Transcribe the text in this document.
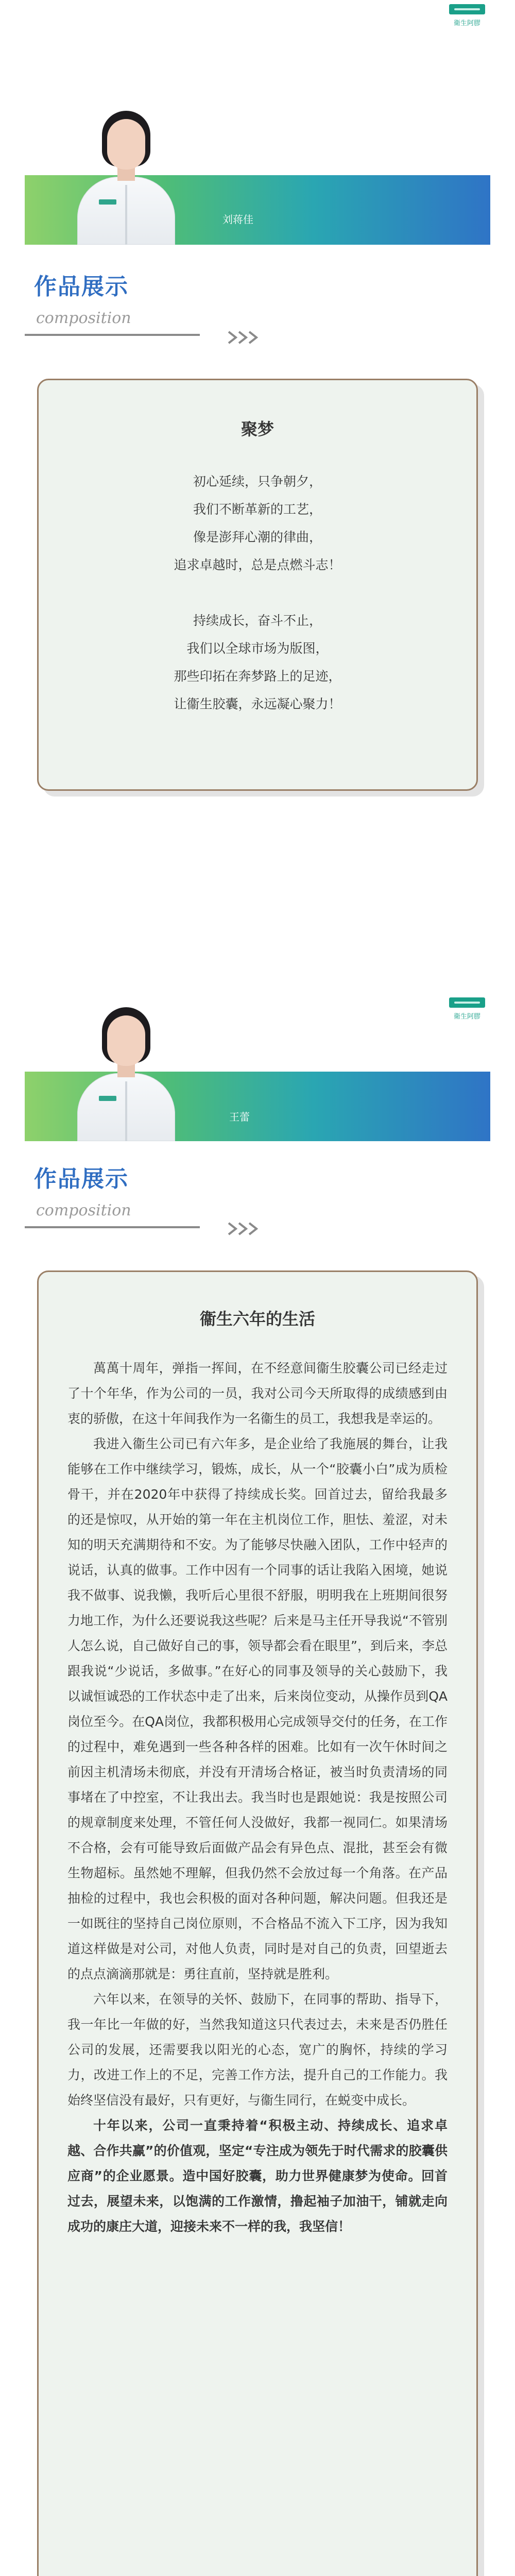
衛生阿膠
刘蒋佳
作品展示
composition
聚梦
初心延续，只争朝夕，
我们不断革新的工艺，
像是澎拜心潮的律曲，
追求卓越时，总是点燃斗志！
持续成长，奋斗不止，
我们以全球市场为版图，
那些印拓在奔梦路上的足迹，
让衞生胶囊，永远凝心聚力！
衛生阿膠
王蕾
作品展示
composition
衞生六年的生活

萬萬十周年，弹指一挥间，在不经意间衞生胶囊公司已经走过了十个年华，作为公司的一员，我对公司今天所取得的成绩感到由衷的骄傲，在这十年间我作为一名衞生的员工，我想我是幸运的。

我进入衞生公司已有六年多，是企业给了我施展的舞台，让我能够在工作中继续学习，锻炼，成长，从一个“胶囊小白”成为质检骨干，并在2020年中获得了持续成长奖。回首过去，留给我最多的还是惊叹，从开始的第一年在主机岗位工作，胆怯、羞涩，对未知的明天充满期待和不安。为了能够尽快融入团队，工作中轻声的说话，认真的做事。工作中因有一个同事的话让我陷入困境，她说我不做事、说我懒，我听后心里很不舒服，明明我在上班期间很努力地工作，为什么还要说我这些呢？后来是马主任开导我说“不管别人怎么说，自己做好自己的事，领导都会看在眼里”，到后来，李总跟我说“少说话，多做事。”在好心的同事及领导的关心鼓励下，我以诚恒诚恐的工作状态中走了出来，后来岗位变动，从操作员到QA岗位至今。在QA岗位，我都积极用心完成领导交付的任务，在工作的过程中，难免遇到一些各种各样的困难。比如有一次午休时间之前因主机清场未彻底，并没有开清场合格证，被当时负责清场的同事堵在了中控室，不让我出去。我当时也是跟她说：我是按照公司的规章制度来处理，不管任何人没做好，我都一视同仁。如果清场不合格，会有可能导致后面做产品会有异色点、混批，甚至会有微生物超标。虽然她不理解，但我仍然不会放过每一个角落。在产品抽检的过程中，我也会积极的面对各种问题，解决问题。但我还是一如既往的坚持自己岗位原则，不合格品不流入下工序，因为我知道这样做是对公司，对他人负责，同时是对自己的负责，回望逝去的点点滴滴那就是：勇往直前，坚持就是胜利。

六年以来，在领导的关怀、鼓励下，在同事的帮助、指导下，我一年比一年做的好，当然我知道这只代表过去，未来是否仍胜任公司的发展，还需要我以阳光的心态，宽广的胸怀，持续的学习力，改进工作上的不足，完善工作方法，提升自己的工作能力。我始终坚信没有最好，只有更好，与衞生同行，在蜕变中成长。

十年以来，公司一直秉持着“积极主动、持续成长、追求卓越、合作共赢”的价值观，坚定“专注成为领先于时代需求的胶囊供应商”的企业愿景。造中国好胶囊，助力世界健康梦为使命。回首过去，展望未来，以饱满的工作激情，撸起袖子加油干，铺就走向成功的康庄大道，迎接未来不一样的我，我坚信！
